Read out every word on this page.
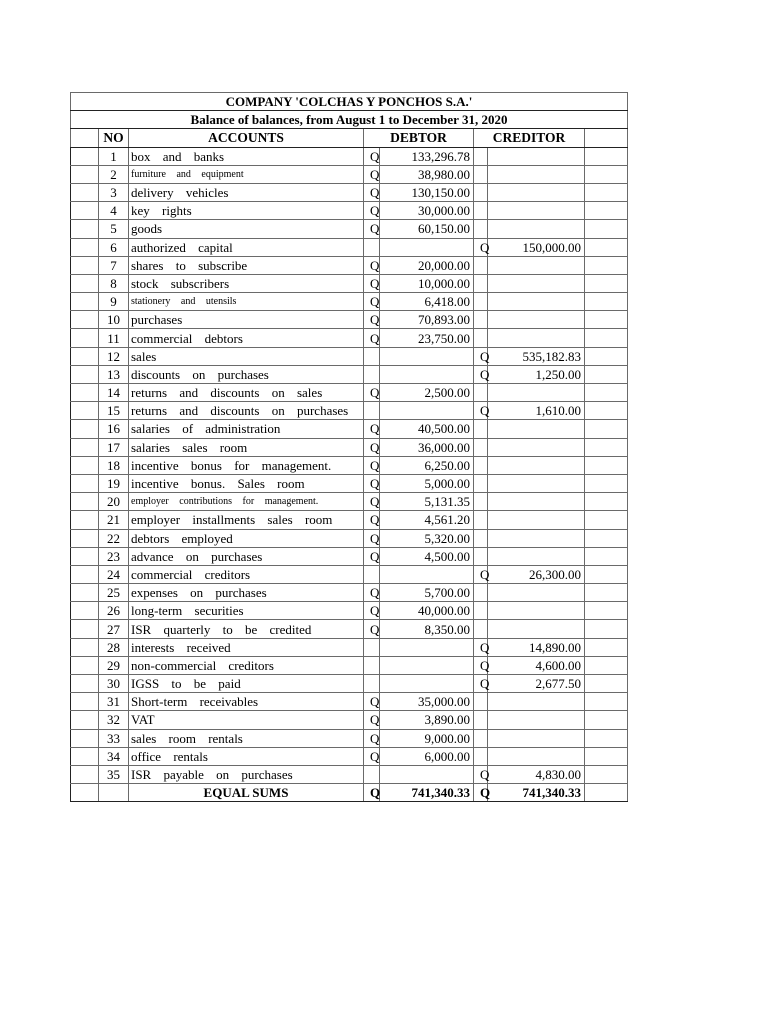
COMPANY 'COLCHAS Y PONCHOS S.A.'							
Balance of balances, from August 1 to December 31, 2020							
	NO	ACCOUNTS	DEBTOR		CREDITOR		
	1	box and banks	Q	133,296.78			
	2	furniture and equipment	Q	38,980.00			
	3	delivery vehicles	Q	130,150.00			
	4	key rights	Q	30,000.00			
	5	goods	Q	60,150.00			
	6	authorized capital			Q	150,000.00	
	7	shares to subscribe	Q	20,000.00			
	8	stock subscribers	Q	10,000.00			
	9	stationery and utensils	Q	6,418.00			
	10	purchases	Q	70,893.00			
	11	commercial debtors	Q	23,750.00			
	12	sales			Q	535,182.83	
	13	discounts on purchases			Q	1,250.00	
	14	returns and discounts on sales	Q	2,500.00			
	15	returns and discounts on purchases			Q	1,610.00	
	16	salaries of administration	Q	40,500.00			
	17	salaries sales room	Q	36,000.00			
	18	incentive bonus for management.	Q	6,250.00			
	19	incentive bonus. Sales room	Q	5,000.00			
	20	employer contributions for management.	Q	5,131.35			
	21	employer installments sales room	Q	4,561.20			
	22	debtors employed	Q	5,320.00			
	23	advance on purchases	Q	4,500.00			
	24	commercial creditors			Q	26,300.00	
	25	expenses on purchases	Q	5,700.00			
	26	long-term securities	Q	40,000.00			
	27	ISR quarterly to be credited	Q	8,350.00			
	28	interests received			Q	14,890.00	
	29	non-commercial creditors			Q	4,600.00	
	30	IGSS to be paid			Q	2,677.50	
	31	Short-term receivables	Q	35,000.00			
	32	VAT	Q	3,890.00			
	33	sales room rentals	Q	9,000.00			
	34	office rentals	Q	6,000.00			
	35	ISR payable on purchases			Q	4,830.00	
		EQUAL SUMS	Q	741,340.33	Q	741,340.33	
